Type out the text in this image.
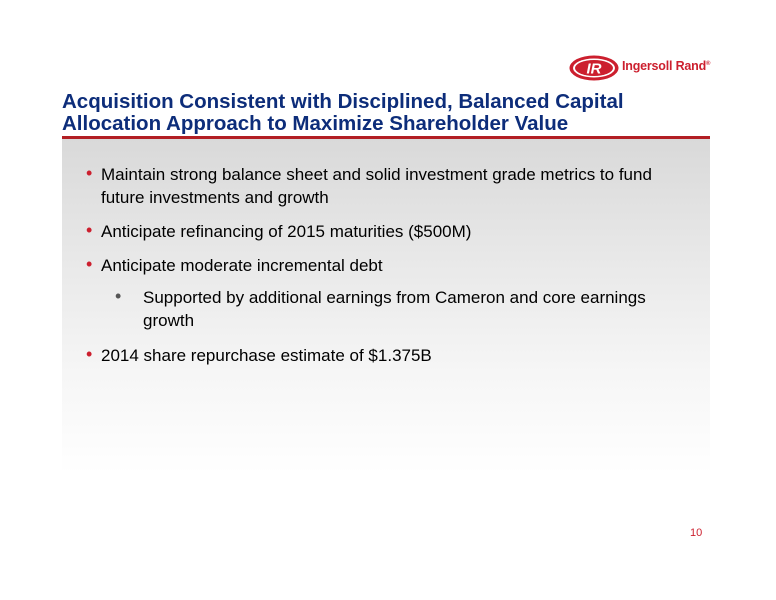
IR Ingersoll Rand®
Acquisition Consistent with Disciplined, Balanced Capital
Allocation Approach to Maximize Shareholder Value
• Maintain strong balance sheet and solid investment grade metrics to fund future investments and growth
• Anticipate refinancing of 2015 maturities ($500M)
• Anticipate moderate incremental debt
• Supported by additional earnings from Cameron and core earnings growth
• 2014 share repurchase estimate of $1.375B
10
